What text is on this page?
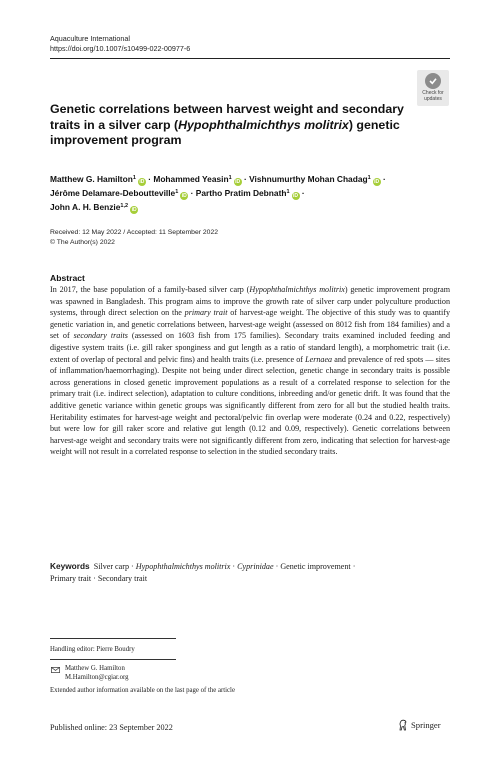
Aquaculture International
https://doi.org/10.1007/s10499-022-00977-6
Check for
updates
Genetic correlations between harvest weight and secondary traits in a silver carp (Hypophthalmichthys molitrix) genetic improvement program
Matthew G. Hamilton$^1$iD · Mohammed Yeasin$^1$iD · Vishnumurthy Mohan Chadag$^1$iD ·
Jérôme Delamare-Deboutteville$^1$iD · Partho Pratim Debnath$^1$iD ·
John A. H. Benzie$^{1,2}$iD
Received: 12 May 2022 / Accepted: 11 September 2022
© The Author(s) 2022
Abstract

In 2017, the base population of a family-based silver carp (Hypophthalmichthys molitrix) genetic improvement program was spawned in Bangladesh. This program aims to improve the growth rate of silver carp under polyculture production systems, through direct selection on the primary trait of harvest-age weight. The objective of this study was to quantify genetic variation in, and genetic correlations between, harvest-age weight (assessed on 8012 fish from 184 families) and a set of secondary traits (assessed on 1603 fish from 175 families). Secondary traits examined included feeding and digestive system traits (i.e. gill raker sponginess and gut length as a ratio of standard length), a morphometric trait (i.e. extent of overlap of pectoral and pelvic fins) and health traits (i.e. presence of Lernaea and prevalence of red spots — sites of inflammation/haemorrhaging). Despite not being under direct selection, genetic change in secondary traits is possible across generations in closed genetic improvement populations as a result of a correlated response to selection for the primary trait (i.e. indirect selection), adaptation to culture conditions, inbreeding and/or genetic drift. It was found that the additive genetic variance within genetic groups was significantly different from zero for all but the studied health traits. Heritability estimates for harvest-age weight and pectoral/pelvic fin overlap were moderate (0.24 and 0.22, respectively) but were low for gill raker score and relative gut length (0.12 and 0.09, respectively). Genetic correlations between harvest-age weight and secondary traits were not significantly different from zero, indicating that selection for harvest-age weight will not result in a correlated response to selection in the studied secondary traits.

Keywords Silver carp · Hypophthalmichthys molitrix · Cyprinidae · Genetic improvement ·
Primary trait · Secondary trait

Handling editor: Pierre Boudry
Matthew G. Hamilton
M.Hamilton@cgiar.org
Extended author information available on the last page of the article
Published online: 23 September 2022	Springer
